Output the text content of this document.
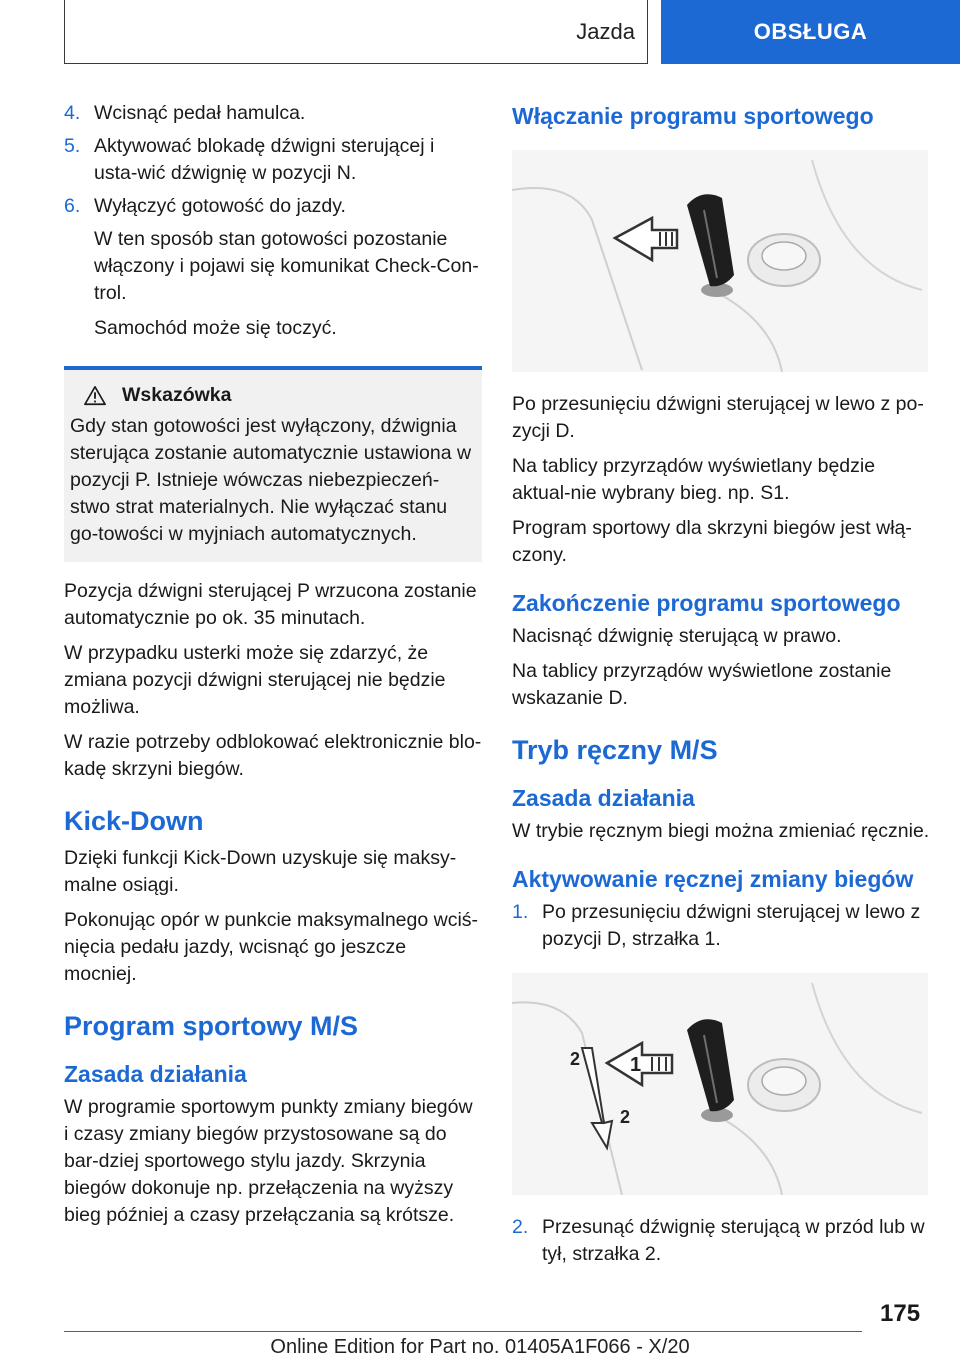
Jazda	OBSŁUGA
4. Wcisnąć pedał hamulca.
5. Aktywować blokadę dźwigni sterującej i usta-wić dźwignię w pozycji N.
6. Wyłączyć gotowość do jazdy.

W ten sposób stan gotowości pozostanie włączony i pojawi się komunikat Check-Con-trol.

Samochód może się toczyć.

Wskazówka

Gdy stan gotowości jest wyłączony, dźwignia sterująca zostanie automatycznie ustawiona w pozycji P. Istnieje wówczas niebezpieczeń-stwo strat materialnych. Nie wyłączać stanu go-towości w myjniach automatycznych.

Pozycja dźwigni sterującej P wrzucona zostanie automatycznie po ok. 35 minutach.

W przypadku usterki może się zdarzyć, że zmiana pozycji dźwigni sterującej nie będzie możliwa.

W razie potrzeby odblokować elektronicznie blo-kadę skrzyni biegów.

Kick-Down

Dzięki funkcji Kick-Down uzyskuje się maksy-malne osiągi.

Pokonując opór w punkcie maksymalnego wciś-nięcia pedału jazdy, wcisnąć go jeszcze mocniej.

Program sportowy M/S
Zasada działania

W programie sportowym punkty zmiany biegów i czasy zmiany biegów przystosowane są do bar-dziej sportowego stylu jazdy. Skrzynia biegów dokonuje np. przełączenia na wyższy bieg później a czasy przełączania są krótsze.

Włączanie programu sportowego

Po przesunięciu dźwigni sterującej w lewo z po-zycji D.

Na tablicy przyrządów wyświetlany będzie aktual-nie wybrany bieg. np. S1.

Program sportowy dla skrzyni biegów jest włą-czony.

Zakończenie programu sportowego

Nacisnąć dźwignię sterującą w prawo.

Na tablicy przyrządów wyświetlone zostanie wskazanie D.

Tryb ręczny M/S
Zasada działania

W trybie ręcznym biegi można zmieniać ręcznie.

Aktywowanie ręcznej zmiany biegów
1. Po przesunięciu dźwigni sterującej w lewo z pozycji D, strzałka 1.
1
2
2
2. Przesunąć dźwignię sterującą w przód lub w tył, strzałka 2.
175
Online Edition for Part no. 01405A1F066 - X/20
